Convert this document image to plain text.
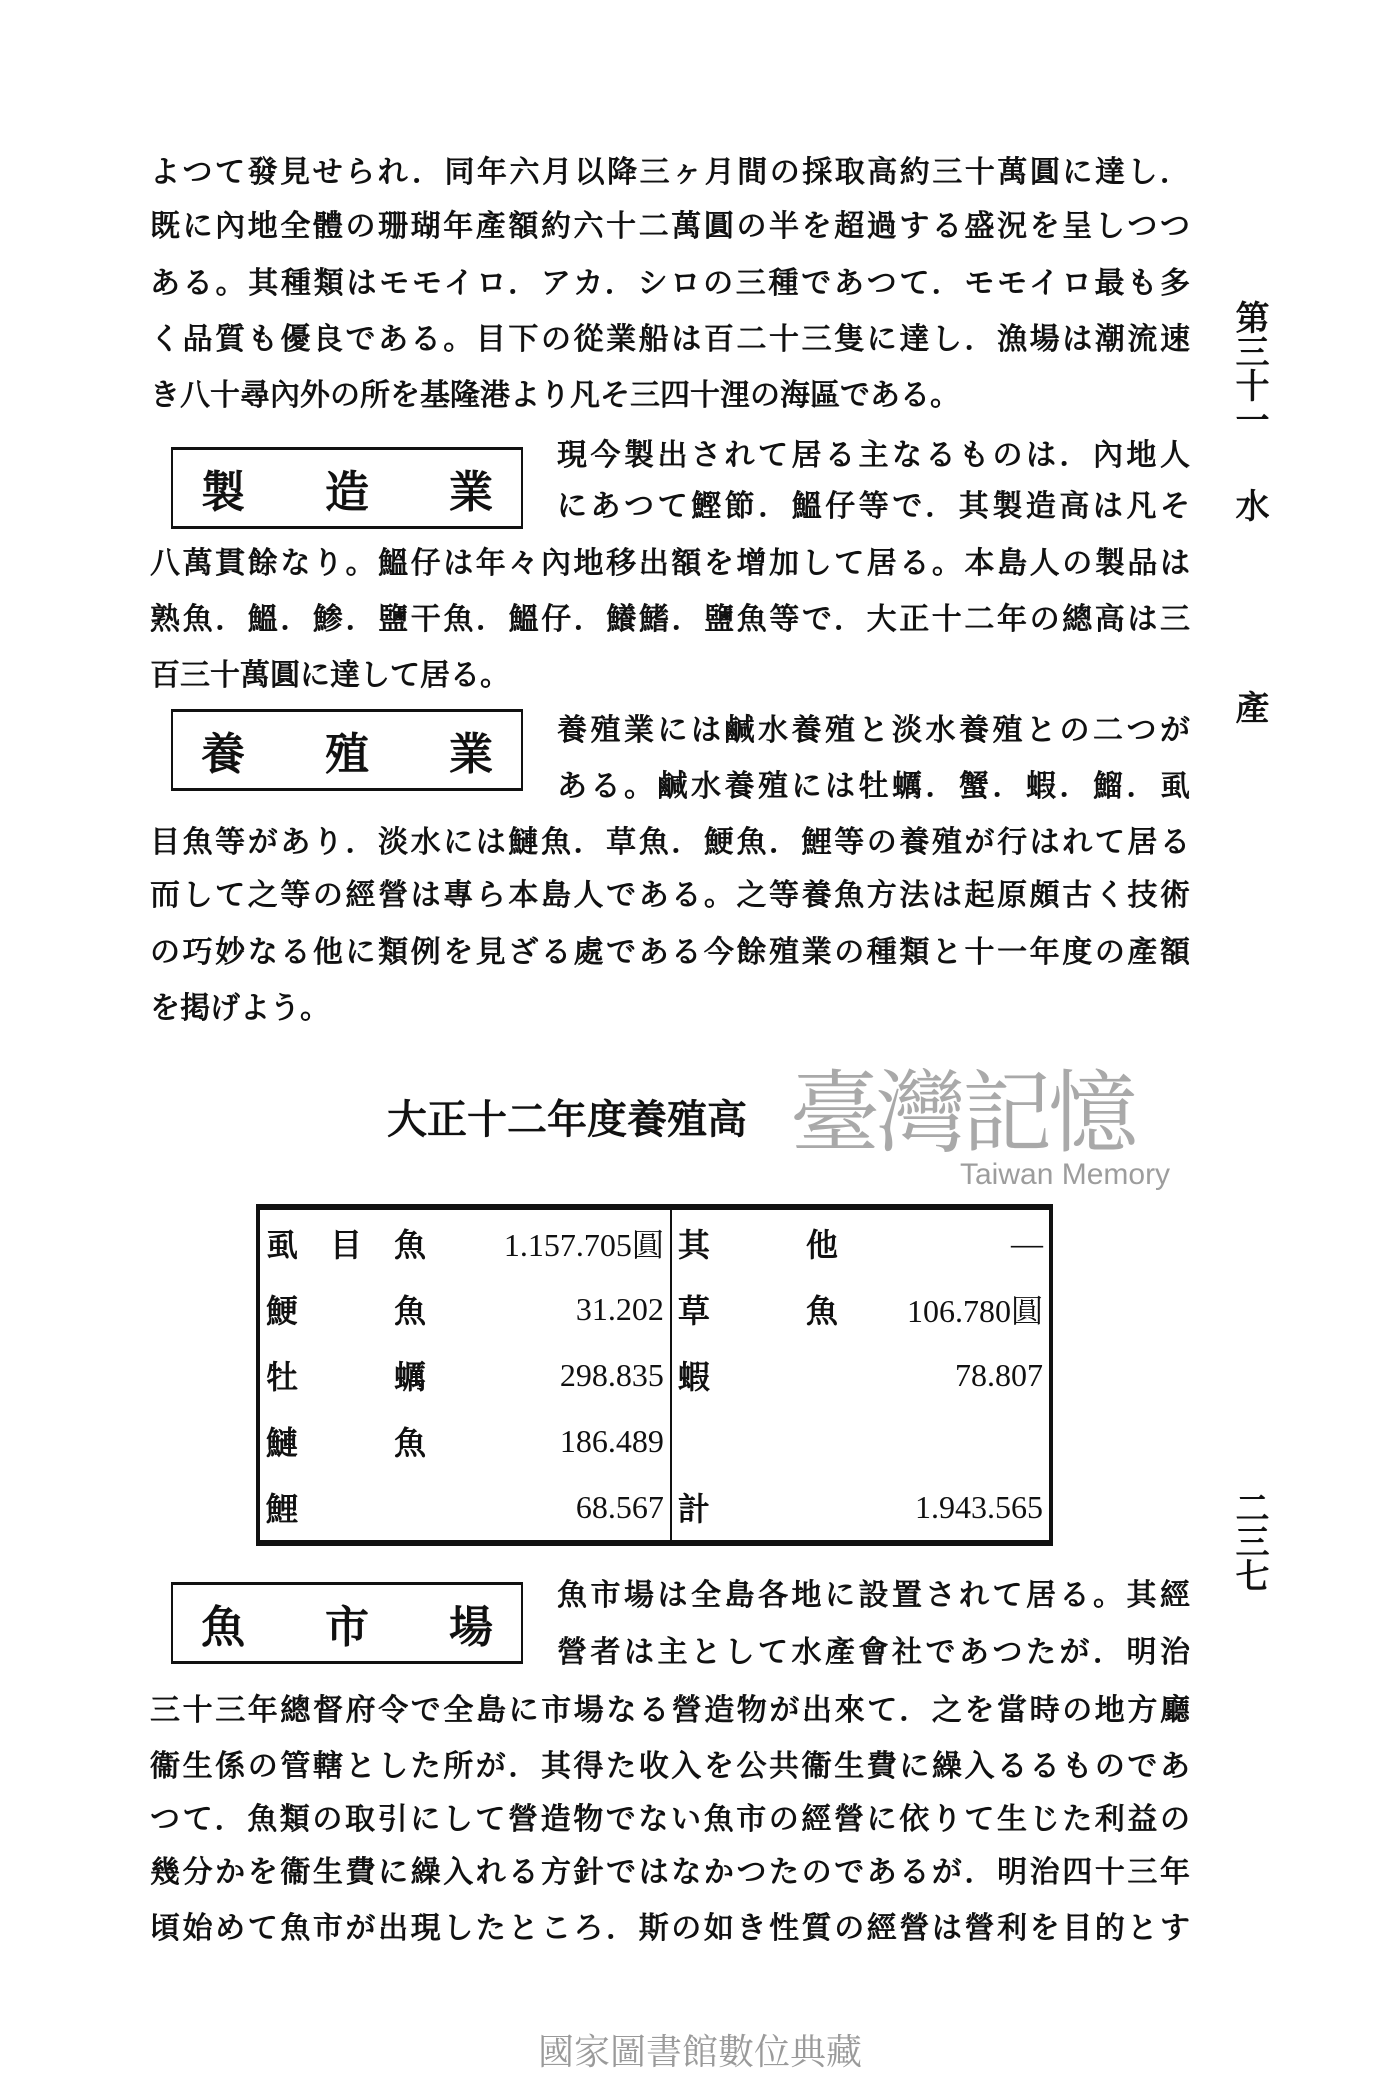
よつて發見せられ．同年六月以降三ヶ月間の採取高約三十萬圓に達し．
既に內地全體の珊瑚年產額約六十二萬圓の半を超過する盛況を呈しつつ
ある。其種類はモモイロ．アカ．シロの三種であつて．モモイロ最も多
く品質も優良である。目下の從業船は百二十三隻に達し．漁場は潮流速
き八十尋內外の所を基隆港より凡そ三四十浬の海區である。
製 造 業
現今製出されて居る主なるものは．內地人
にあつて鰹節．鰮仔等で．其製造高は凡そ
八萬貫餘なり。鰮仔は年々內地移出額を增加して居る。本島人の製品は
熟魚．鰮．鯵．鹽干魚．鰮仔．鱶鰭．鹽魚等で．大正十二年の總高は三
百三十萬圓に達して居る。
養 殖 業 養殖業には鹹水養殖と淡水養殖との二つが
ある。鹹水養殖には牡蠣．蟹．蝦．鰡．虱
目魚等があり．淡水には鰱魚．草魚．鯁魚．鯉等の養殖が行はれて居る
而して之等の經營は專ら本島人である。之等養魚方法は起原頗古く技術
の巧妙なる他に類例を見ざる處である今餘殖業の種類と十一年度の產額
を掲げよう。
大正十二年度養殖高 臺灣記憶
Taiwan Memory
虱 目 魚	1.157.705圓	其 他	—

鯁 魚	31.202	草 魚	106.780圓

牡 蠣	298.835	蝦	78.807

鰱 魚	186.489	

鯉	68.567	計	1.943.565
魚 市 場
魚市場は全島各地に設置されて居る。其經
營者は主として水產會社であつたが．明治
三十三年總督府令で全島に市場なる營造物が出來て．之を當時の地方廳
衞生係の管轄とした所が．其得た收入を公共衞生費に繰入るるものであ
つて．魚類の取引にして營造物でない魚市の經營に依りて生じた利益の
幾分かを衞生費に繰入れる方針ではなかつたのであるが．明治四十三年
頃始めて魚市が出現したところ．斯の如き性質の經營は營利を目的とす
第三十一
水
產
二三七
國家圖書館數位典藏
